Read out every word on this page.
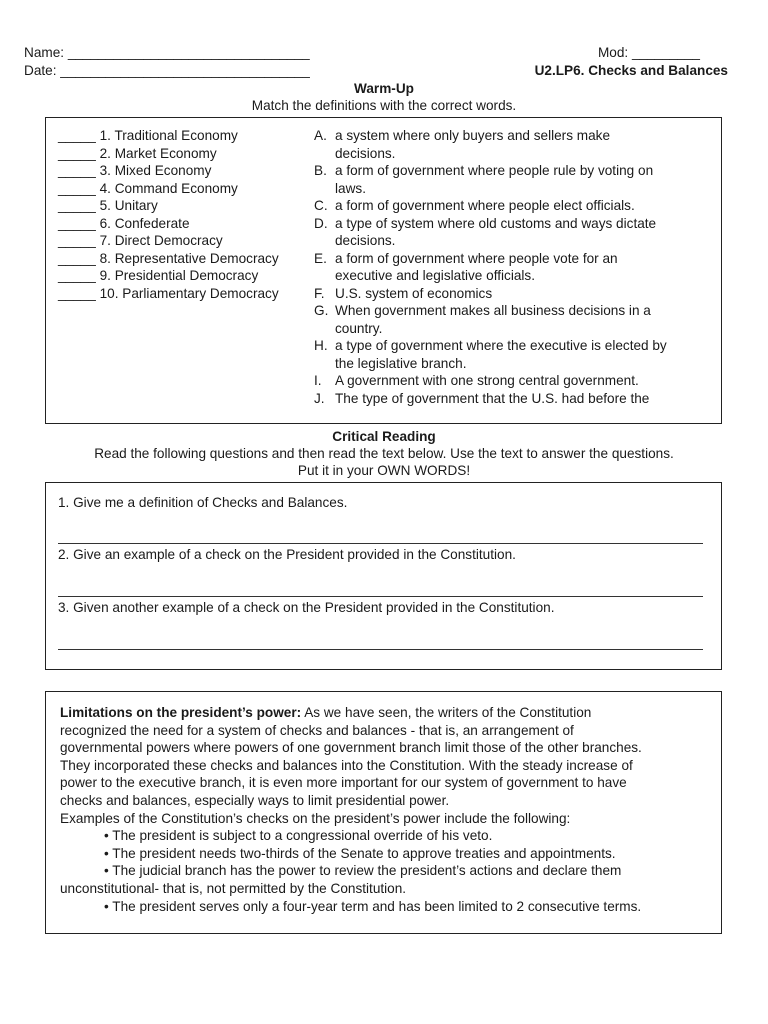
Name: ________________________________
Date: _________________________________
Mod: _________
U2.LP6. Checks and Balances
Warm-Up
Match the definitions with the correct words.
_____ 1. Traditional Economy
_____ 2. Market Economy
_____ 3. Mixed Economy
_____ 4. Command Economy
_____ 5. Unitary
_____ 6. Confederate
_____ 7. Direct Democracy
_____ 8. Representative Democracy
_____ 9. Presidential Democracy
_____ 10. Parliamentary Democracy
A. a system where only buyers and sellers make
decisions.
B. a form of government where people rule by voting on
laws.
C. a form of government where people elect officials.
D. a type of system where old customs and ways dictate
decisions.
E. a form of government where people vote for an
executive and legislative officials.
F. U.S. system of economics
G. When government makes all business decisions in a
country.
H. a type of government where the executive is elected by
the legislative branch.
I. A government with one strong central government.
J. The type of government that the U.S. had before the
Critical Reading
Read the following questions and then read the text below. Use the text to answer the questions.
Put it in your OWN WORDS!
1. Give me a definition of Checks and Balances.
2. Give an example of a check on the President provided in the Constitution.
3. Given another example of a check on the President provided in the Constitution.
Limitations on the president’s power: As we have seen, the writers of the Constitution
recognized the need for a system of checks and balances - that is, an arrangement of
governmental powers where powers of one government branch limit those of the other branches.
They incorporated these checks and balances into the Constitution. With the steady increase of
power to the executive branch, it is even more important for our system of government to have
checks and balances, especially ways to limit presidential power.
Examples of the Constitution’s checks on the president’s power include the following:
• The president is subject to a congressional override of his veto.
• The president needs two-thirds of the Senate to approve treaties and appointments.
• The judicial branch has the power to review the president’s actions and declare them
unconstitutional- that is, not permitted by the Constitution.
• The president serves only a four-year term and has been limited to 2 consecutive terms.
